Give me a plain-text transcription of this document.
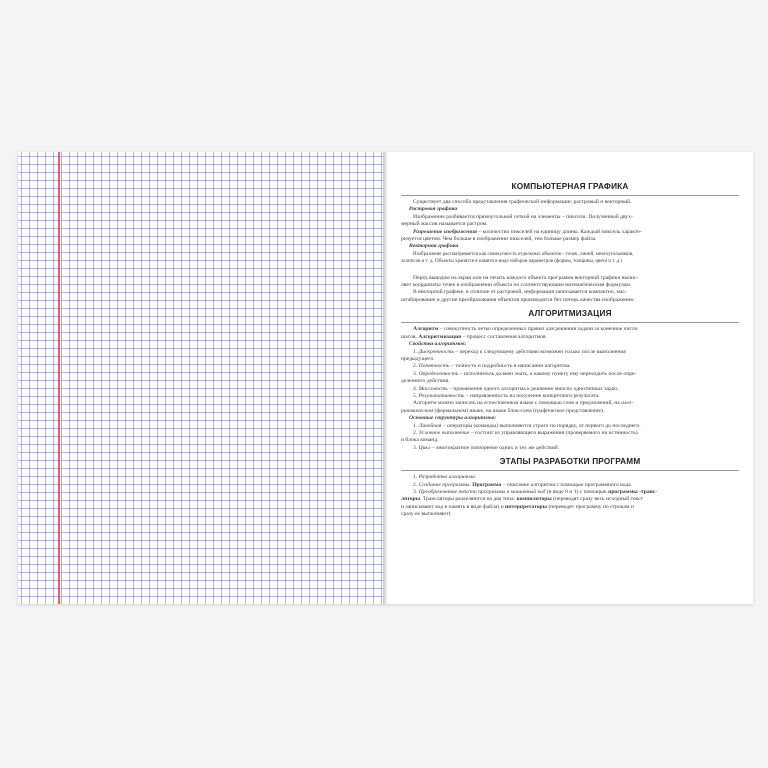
КОМПЬЮТЕРНАЯ ГРАФИКА

Существует два способа представления графической информации: растровый и векторный.

Растровая графика

Изображение разбивается прямоугольной сеткой на элементы – пиксели. Полученный двух-

мерный массив называется растром.

Разрешение изображения – количество пикселей на единицу длины. Каждый пиксель характе-

ризуется цветом. Чем больше в изображении пикселей, тем больше размер файла.

Векторная графика

Изображение рассматривается как совокупность отдельных объектов – точек, линий, многоугольников,

эллипсов и т. д. Объекты хранятся в памяти в виде наборов параметров (формы, толщины, цвета и т. д.)

Перед выводом на экран или на печать каждого объекта программа векторной графики вычис-

ляет координаты точек в изображении объекта по соответствующим математическим формулам.

В векторной графике, в отличие от растровой, информация записывается компактно, мас-

штабирование и другие преобразования объектов производятся без потерь качества изображения.

АЛГОРИТМИЗАЦИЯ

Алгоритм – совокупность четко определенных правил для решения задачи за конечное число

шагов. Алгоритмизация – процесс составления алгоритмов.

Свойства алгоритмов:

1. Дискретность – переход к следующему действию возможен только после выполнения

предыдущего.

2. Понятность – точность и подробность в написании алгоритма.

3. Определенность – исполнитель должен знать, к какому пункту ему переходить после опре-

деленного действия.

4. Массовость – применение одного алгоритма к решению многих однотипных задач.

5. Результативность – направленность на получение конкретного результата.

Алгоритм можно записать на естественном языке с помощью слов и предложений, на алго-

ритмическом (формальном) языке, на языке блок-схем (графическое представление).

Основные структуры алгоритмов:

1. Линейная – операторы (команды) выполняются строго по порядку, от первого до последнего.

2. Условное выполнение – состоит из управляющего выражения (проверяемого на истинность)

и блока команд.

3. Цикл – многократное повторение одних и тех же действий.

ЭТАПЫ РАЗРАБОТКИ ПРОГРАММ

1. Разработка алгоритма.

2. Создание программы. Программа – описание алгоритма с помощью программного кода.

3. Преобразование текста программы в машинный код (в виде 0 и 1) с помощью программы -транс-

ляторы. Трансляторы разделяются на два типа: компиляторы (переводят сразу весь исходный текст

и записывают код в память в виде файла) и интерпретаторы (переводят программу по строкам и

сразу ее выполняют).
